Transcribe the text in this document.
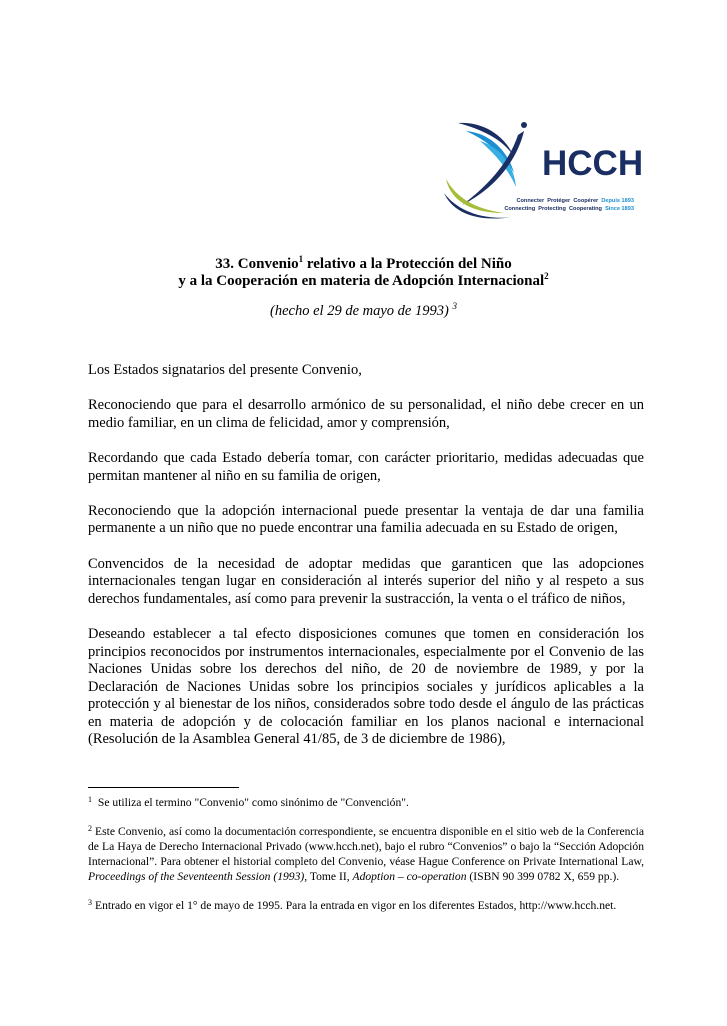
HCCH
Connecter Protéger Coopérer Depuis 1893
Connecting Protecting Cooperating Since 1893
33. Convenio$^1$ relativo a la Protección del Niño
y a la Cooperación en materia de Adopción Internacional$^2$
(hecho el 29 de mayo de 1993) $^3$

Los Estados signatarios del presente Convenio,

Reconociendo que para el desarrollo armónico de su personalidad, el niño debe crecer en un medio familiar, en un clima de felicidad, amor y comprensión,

Recordando que cada Estado debería tomar, con carácter prioritario, medidas adecuadas que permitan mantener al niño en su familia de origen,

Reconociendo que la adopción internacional puede presentar la ventaja de dar una familia permanente a un niño que no puede encontrar una familia adecuada en su Estado de origen,

Convencidos de la necesidad de adoptar medidas que garanticen que las adopciones internacionales tengan lugar en consideración al interés superior del niño y al respeto a sus derechos fundamentales, así como para prevenir la sustracción, la venta o el tráfico de niños,

Deseando establecer a tal efecto disposiciones comunes que tomen en consideración los principios reconocidos por instrumentos internacionales, especialmente por el Convenio de las Naciones Unidas sobre los derechos del niño, de 20 de noviembre de 1989, y por la Declaración de Naciones Unidas sobre los principios sociales y jurídicos aplicables a la protección y al bienestar de los niños, considerados sobre todo desde el ángulo de las prácticas en materia de adopción y de colocación familiar en los planos nacional e internacional (Resolución de la Asamblea General 41/85, de 3 de diciembre de 1986),

$^1$ Se utiliza el termino "Convenio" como sinónimo de "Convención".

$^2$ Este Convenio, así como la documentación correspondiente, se encuentra disponible en el sitio web de la Conferencia de La Haya de Derecho Internacional Privado (www.hcch.net), bajo el rubro “Convenios” o bajo la “Sección Adopción Internacional”. Para obtener el historial completo del Convenio, véase Hague Conference on Private International Law, Proceedings of the Seventeenth Session (1993), Tome II, Adoption – co-operation (ISBN 90 399 0782 X, 659 pp.).

$^3$ Entrado en vigor el 1° de mayo de 1995. Para la entrada en vigor en los diferentes Estados, http://www.hcch.net.
